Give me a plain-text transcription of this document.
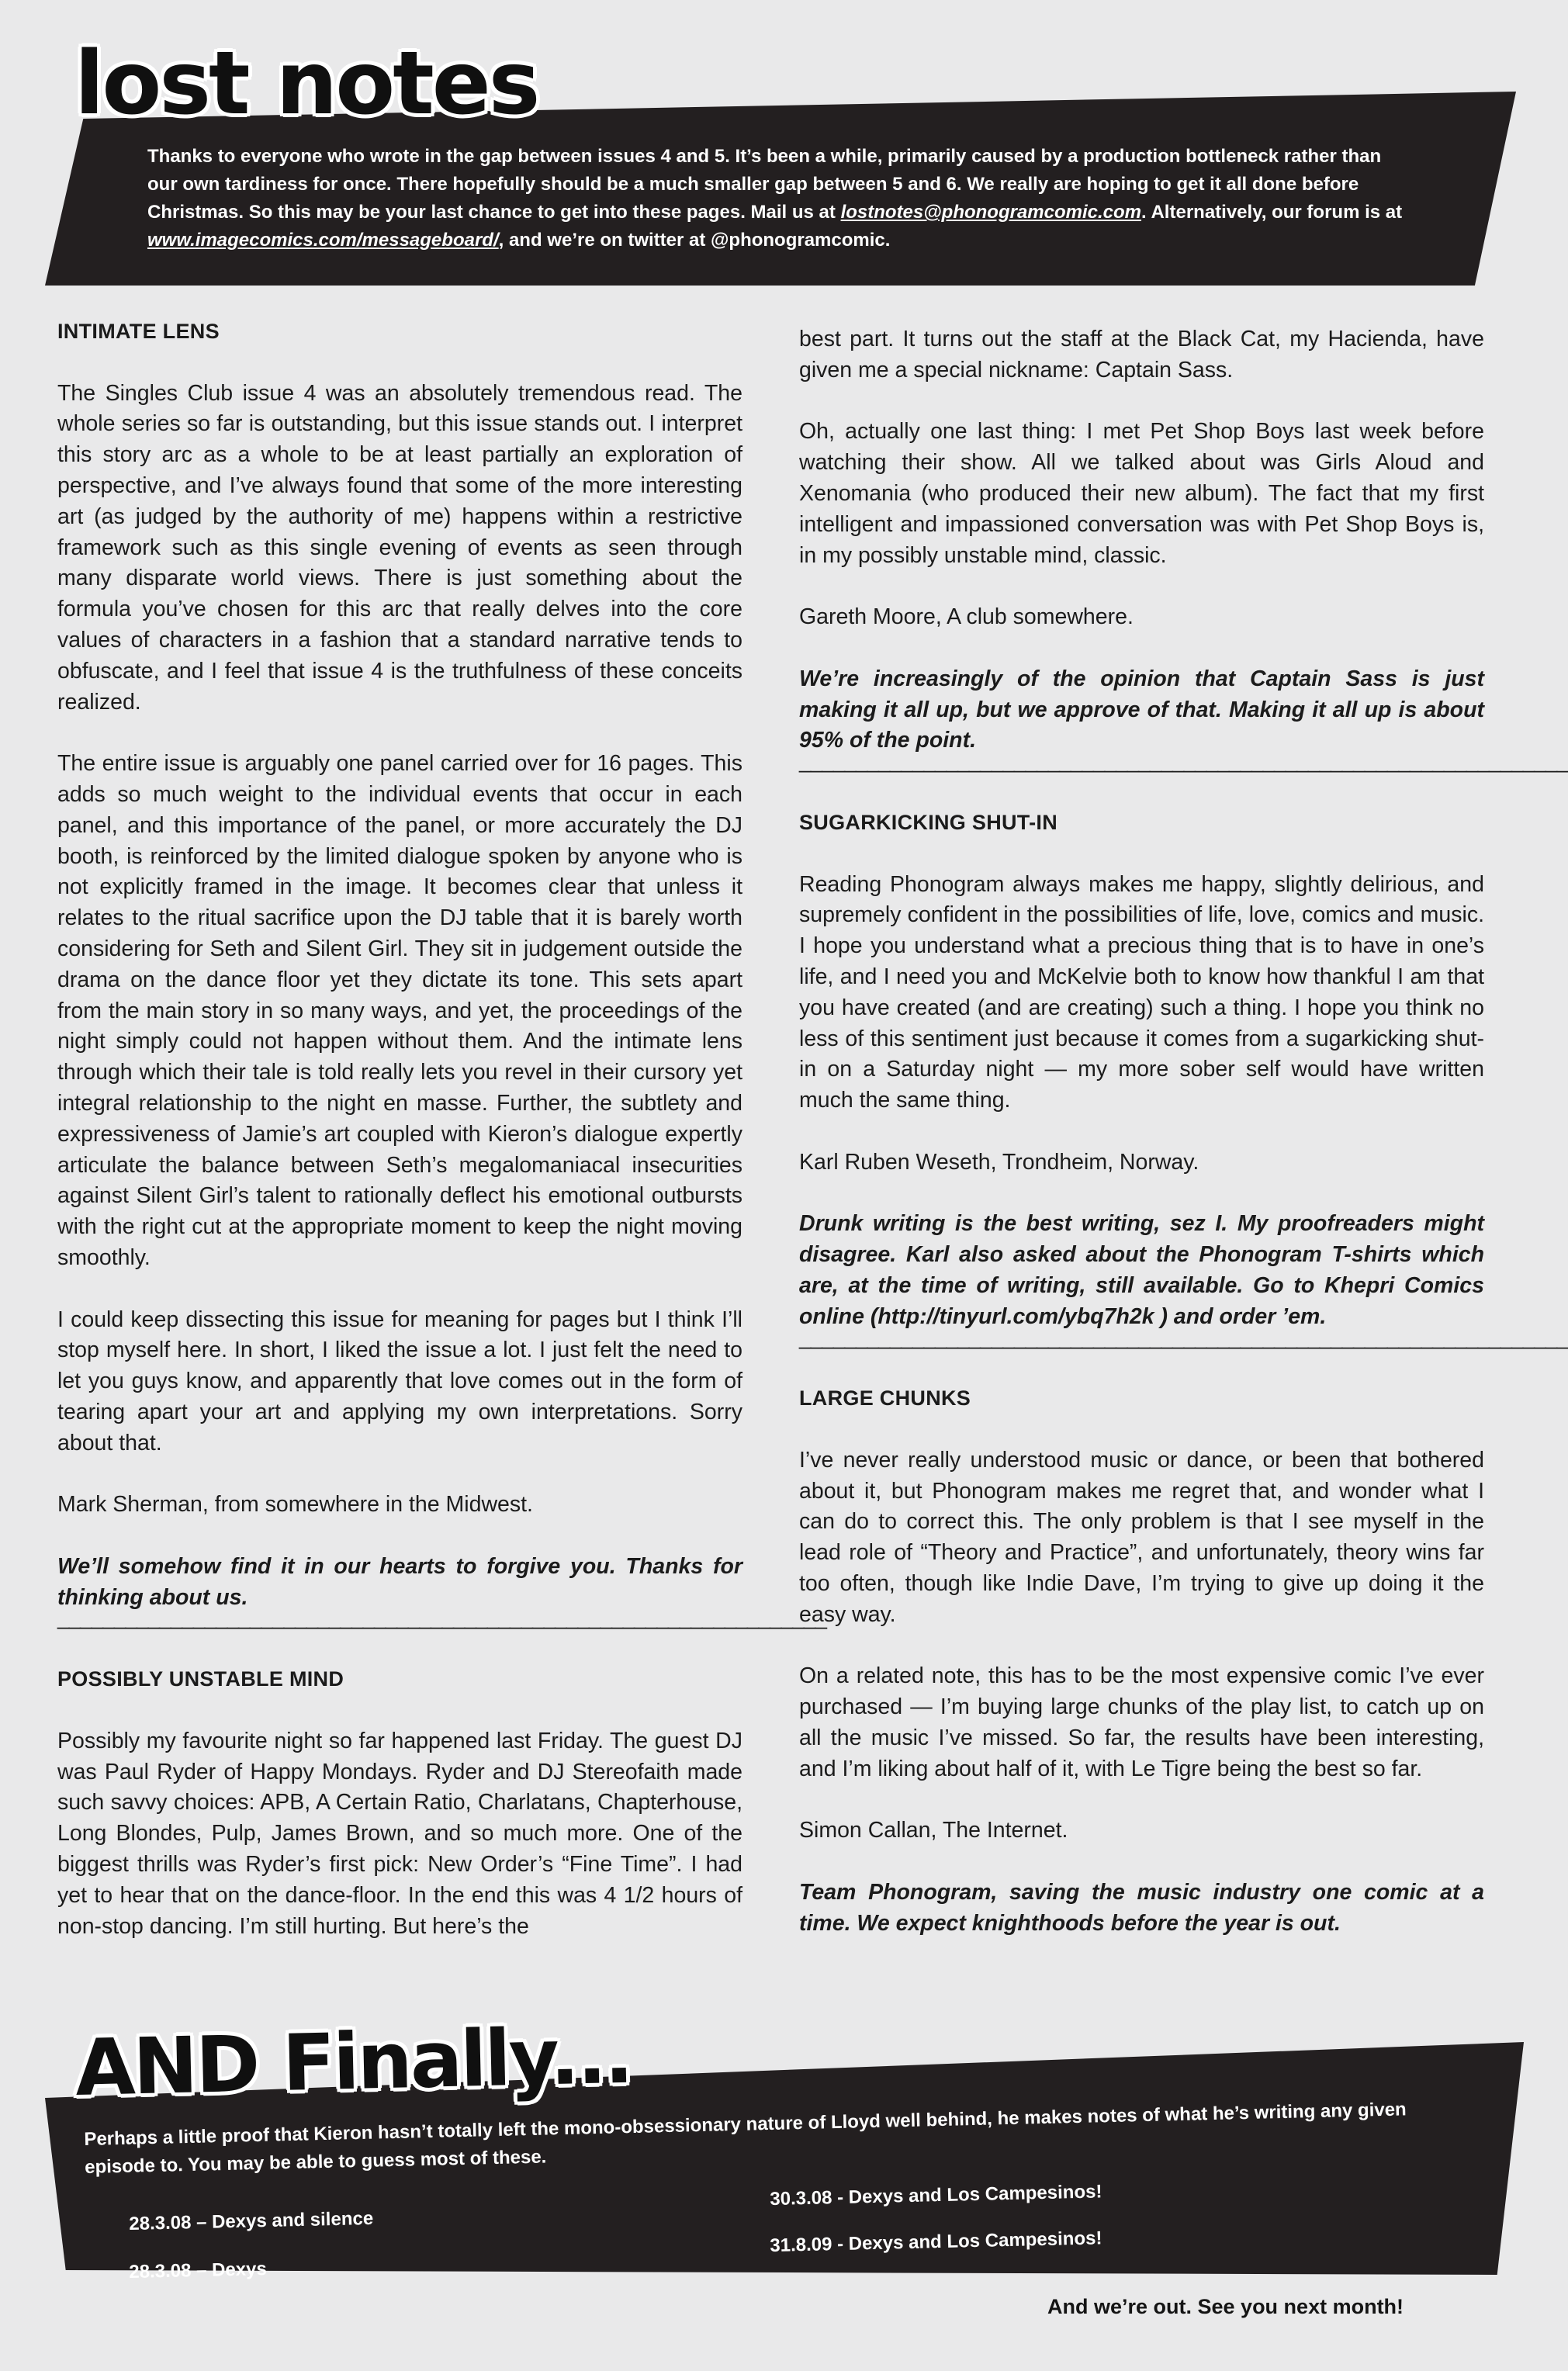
lost notes
Thanks to everyone who wrote in the gap between issues 4 and 5. It’s been a while, primarily caused by a production bottleneck rather than our own tardiness for once. There hopefully should be a much smaller gap between 5 and 6. We really are hoping to get it all done before Christmas. So this may be your last chance to get into these pages. Mail us at lostnotes@phonogramcomic.com. Alternatively, our forum is at www.imagecomics.com/messageboard/, and we’re on twitter at @phonogramcomic.
INTIMATE LENS

The Singles Club issue 4 was an absolutely tremendous read. The whole series so far is outstanding, but this issue stands out. I interpret this story arc as a whole to be at least partially an exploration of perspective, and I’ve always found that some of the more interesting art (as judged by the authority of me) happens within a restrictive framework such as this single evening of events as seen through many disparate world views. There is just something about the formula you’ve chosen for this arc that really delves into the core values of characters in a fashion that a standard narrative tends to obfuscate, and I feel that issue 4 is the truthfulness of these conceits realized.

The entire issue is arguably one panel carried over for 16 pages. This adds so much weight to the individual events that occur in each panel, and this importance of the panel, or more accurately the DJ booth, is reinforced by the limited dialogue spoken by anyone who is not explicitly framed in the image. It becomes clear that unless it relates to the ritual sacrifice upon the DJ table that it is barely worth considering for Seth and Silent Girl. They sit in judgement outside the drama on the dance floor yet they dictate its tone. This sets apart from the main story in so many ways, and yet, the proceedings of the night simply could not happen without them. And the intimate lens through which their tale is told really lets you revel in their cursory yet integral relationship to the night en masse. Further, the subtlety and expressiveness of Jamie’s art coupled with Kieron’s dialogue expertly articulate the balance between Seth’s megalomaniacal insecurities against Silent Girl’s talent to rationally deflect his emotional outbursts with the right cut at the appropriate moment to keep the night moving smoothly.

I could keep dissecting this issue for meaning for pages but I think I’ll stop myself here. In short, I liked the issue a lot. I just felt the need to let you guys know, and apparently that love comes out in the form of tearing apart your art and applying my own interpretations. Sorry about that.

Mark Sherman, from somewhere in the Midwest.

We’ll somehow find it in our hearts to forgive you. Thanks for thinking about us.

____________________________________________________________________
POSSIBLY UNSTABLE MIND

Possibly my favourite night so far happened last Friday. The guest DJ was Paul Ryder of Happy Mondays. Ryder and DJ Stereofaith made such savvy choices: APB, A Certain Ratio, Charlatans, Chapterhouse, Long Blondes, Pulp, James Brown, and so much more. One of the biggest thrills was Ryder’s first pick: New Order’s “Fine Time”. I had yet to hear that on the dance-floor. In the end this was 4 1/2 hours of non-stop dancing. I’m still hurting. But here’s the

best part. It turns out the staff at the Black Cat, my Hacienda, have given me a special nickname: Captain Sass.

Oh, actually one last thing: I met Pet Shop Boys last week before watching their show. All we talked about was Girls Aloud and Xenomania (who produced their new album). The fact that my first intelligent and impassioned conversation was with Pet Shop Boys is, in my possibly unstable mind, classic.

Gareth Moore, A club somewhere.

We’re increasingly of the opinion that Captain Sass is just making it all up, but we approve of that. Making it all up is about 95% of the point.

____________________________________________________________________
SUGARKICKING SHUT-IN

Reading Phonogram always makes me happy, slightly delirious, and supremely confident in the possibilities of life, love, comics and music. I hope you understand what a precious thing that is to have in one’s life, and I need you and McKelvie both to know how thankful I am that you have created (and are creating) such a thing. I hope you think no less of this sentiment just because it comes from a sugarkicking shut-in on a Saturday night — my more sober self would have written much the same thing.

Karl Ruben Weseth, Trondheim, Norway.

Drunk writing is the best writing, sez I. My proofreaders might disagree. Karl also asked about the Phonogram T-shirts which are, at the time of writing, still available. Go to Khepri Comics online (http://tinyurl.com/ybq7h2k ) and order ’em.

____________________________________________________________________
LARGE CHUNKS

I’ve never really understood music or dance, or been that bothered about it, but Phonogram makes me regret that, and wonder what I can do to correct this. The only problem is that I see myself in the lead role of “Theory and Practice”, and unfortunately, theory wins far too often, though like Indie Dave, I’m trying to give up doing it the easy way.

On a related note, this has to be the most expensive comic I’ve ever purchased — I’m buying large chunks of the play list, to catch up on all the music I’ve missed. So far, the results have been interesting, and I’m liking about half of it, with Le Tigre being the best so far.

Simon Callan, The Internet.

Team Phonogram, saving the music industry one comic at a time. We expect knighthoods before the year is out.

AND Finally...
Perhaps a little proof that Kieron hasn’t totally left the mono-obsessionary nature of Lloyd well behind, he makes notes of what he’s writing any given episode to. You may be able to guess most of these.
28.3.08 – Dexys and silence
28.3.08 – Dexys
30.3.08 - Dexys and Los Campesinos!
31.8.09 - Dexys and Los Campesinos!
And we’re out. See you next month!
